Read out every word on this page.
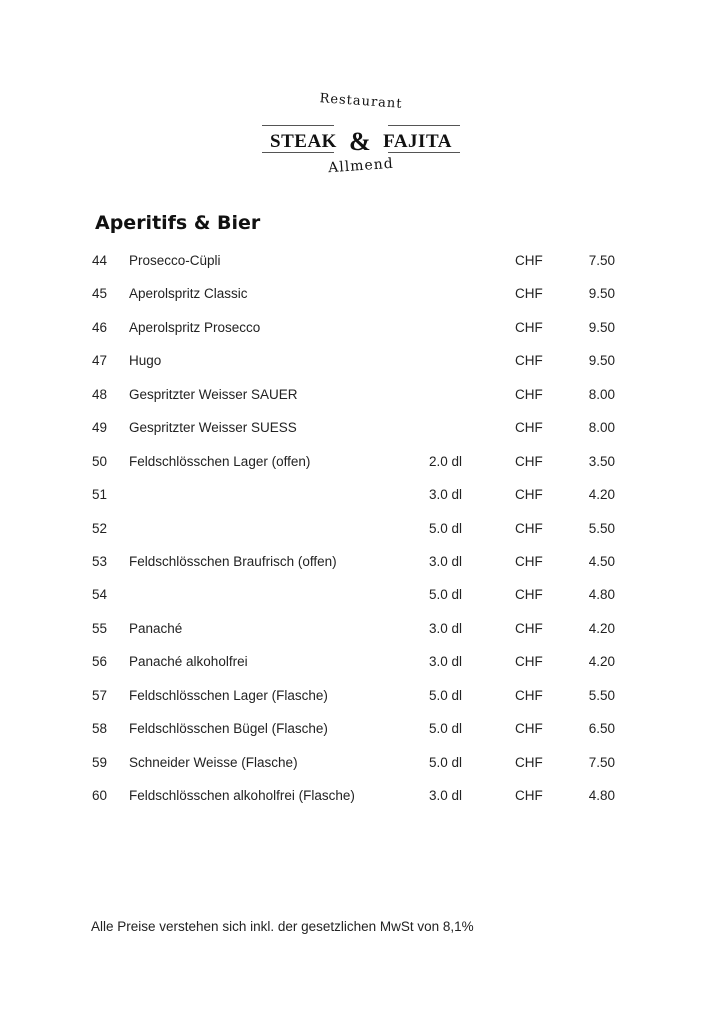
Restaurant
STEAK & FAJITA
Allmend
Aperitifs & Bier
44 Prosecco-Cüpli	CHF	7.50
45 Aperolspritz Classic	CHF	9.50
46 Aperolspritz Prosecco	CHF	9.50
47 Hugo	CHF	9.50
48 Gespritzter Weisser SAUER	CHF	8.00
49 Gespritzter Weisser SUESS	CHF	8.00
50 Feldschlösschen Lager (offen)	2.0 dl	CHF	3.50
51	3.0 dl	CHF	4.20
52	5.0 dl	CHF	5.50
53 Feldschlösschen Braufrisch (offen)	3.0 dl	CHF	4.50
54	5.0 dl	CHF	4.80
55 Panaché	3.0 dl	CHF	4.20
56 Panaché alkoholfrei	3.0 dl	CHF	4.20
57 Feldschlösschen Lager (Flasche)	5.0 dl	CHF	5.50
58 Feldschlösschen Bügel (Flasche)	5.0 dl	CHF	6.50
59 Schneider Weisse (Flasche)	5.0 dl	CHF	7.50
60 Feldschlösschen alkoholfrei (Flasche)	3.0 dl	CHF	4.80
Alle Preise verstehen sich inkl. der gesetzlichen MwSt von 8,1%
